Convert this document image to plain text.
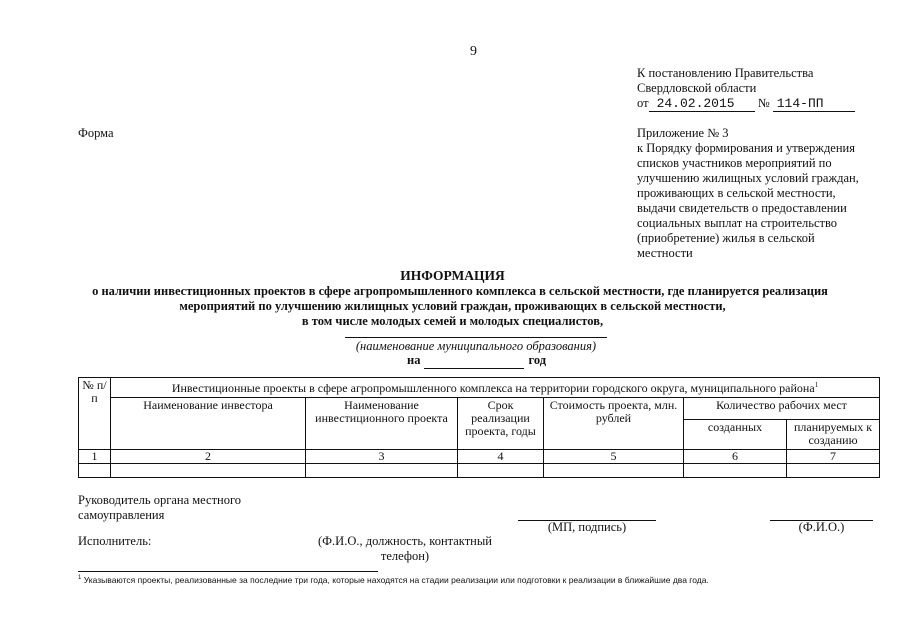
9
К постановлению Правительства
Свердловской области
от 24.02.2015 № 114-ПП
Форма	Приложение № 3
к Порядку формирования и утверждения
списков участников мероприятий по
улучшению жилищных условий граждан,
проживающих в сельской местности,
выдачи свидетельств о предоставлении
социальных выплат на строительство
(приобретение) жилья в сельской
местности
ИНФОРМАЦИЯ
о наличии инвестиционных проектов в сфере агропромышленного комплекса в сельской местности, где планируется реализация
мероприятий по улучшению жилищных условий граждан, проживающих в сельской местности,
в том числе молодых семей и молодых специалистов,
(наименование муниципального образования)
на	год
№ п/п	Инвестиционные проекты в сфере агропромышленного комплекса на территории городского округа, муниципального района$^1$
	Наименование инвестора	Наименование инвестиционного проекта	Срок реализации проекта, годы	Стоимость проекта, млн. рублей	Количество рабочих мест	
					созданных	планируемых к созданию
1	2	3	4	5	6	7

Руководитель органа местного
самоуправления
(МП, подпись)	(Ф.И.О.)
Исполнитель:	(Ф.И.О., должность, контактный
телефон)
$^1$ Указываются проекты, реализованные за последние три года, которые находятся на стадии реализации или подготовки к реализации в ближайшие два года.
